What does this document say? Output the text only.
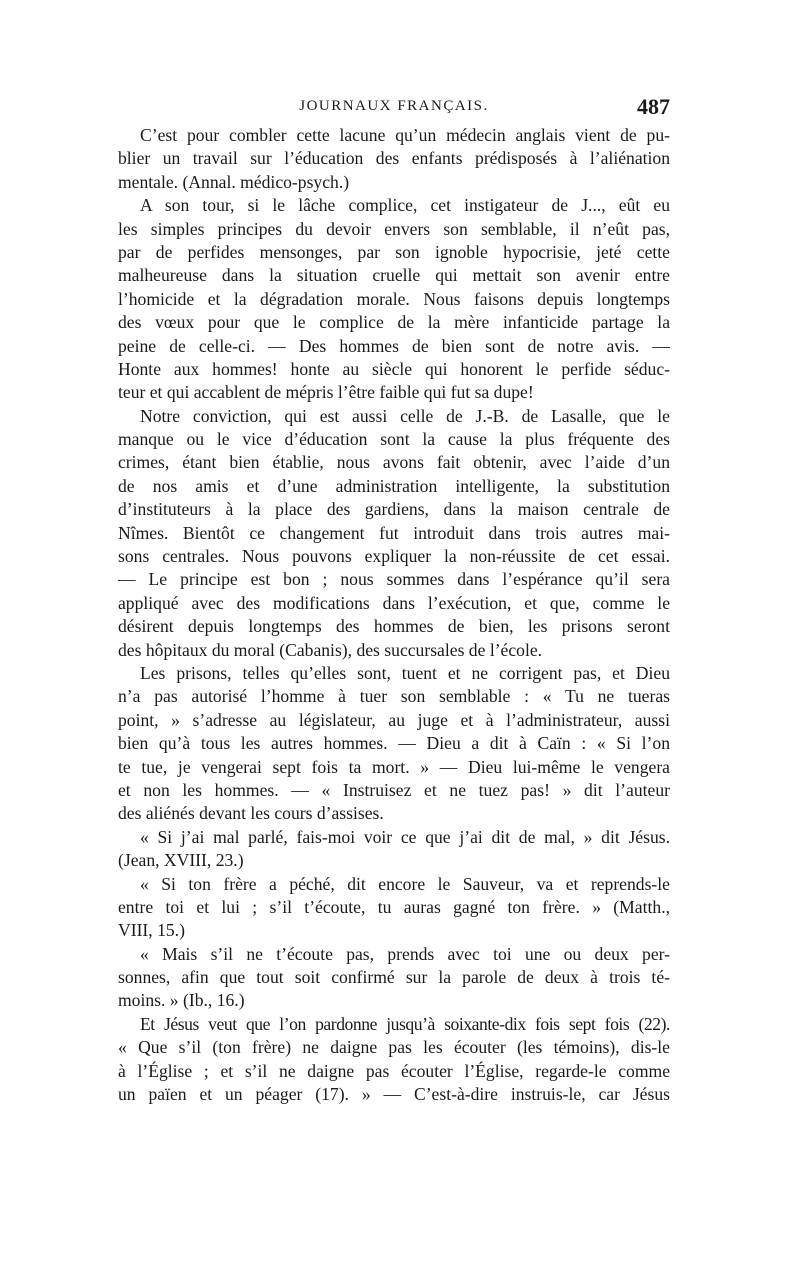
JOURNAUX FRANÇAIS.	487
C’est pour combler cette lacune qu’un médecin anglais vient de pu-
blier un travail sur l’éducation des enfants prédisposés à l’aliénation
mentale. (Annal. médico-psych.)
A son tour, si le lâche complice, cet instigateur de J..., eût eu
les simples principes du devoir envers son semblable, il n’eût pas,
par de perfides mensonges, par son ignoble hypocrisie, jeté cette
malheureuse dans la situation cruelle qui mettait son avenir entre
l’homicide et la dégradation morale. Nous faisons depuis longtemps
des vœux pour que le complice de la mère infanticide partage la
peine de celle-ci. — Des hommes de bien sont de notre avis. —
Honte aux hommes! honte au siècle qui honorent le perfide séduc-
teur et qui accablent de mépris l’être faible qui fut sa dupe!
Notre conviction, qui est aussi celle de J.-B. de Lasalle, que le
manque ou le vice d’éducation sont la cause la plus fréquente des
crimes, étant bien établie, nous avons fait obtenir, avec l’aide d’un
de nos amis et d’une administration intelligente, la substitution
d’instituteurs à la place des gardiens, dans la maison centrale de
Nîmes. Bientôt ce changement fut introduit dans trois autres mai-
sons centrales. Nous pouvons expliquer la non-réussite de cet essai.
— Le principe est bon ; nous sommes dans l’espérance qu’il sera
appliqué avec des modifications dans l’exécution, et que, comme le
désirent depuis longtemps des hommes de bien, les prisons seront
des hôpitaux du moral (Cabanis), des succursales de l’école.
Les prisons, telles qu’elles sont, tuent et ne corrigent pas, et Dieu
n’a pas autorisé l’homme à tuer son semblable : « Tu ne tueras
point, » s’adresse au législateur, au juge et à l’administrateur, aussi
bien qu’à tous les autres hommes. — Dieu a dit à Caïn : « Si l’on
te tue, je vengerai sept fois ta mort. » — Dieu lui-même le vengera
et non les hommes. — « Instruisez et ne tuez pas! » dit l’auteur
des aliénés devant les cours d’assises.
« Si j’ai mal parlé, fais-moi voir ce que j’ai dit de mal, » dit Jésus.
(Jean, XVIII, 23.)
« Si ton frère a péché, dit encore le Sauveur, va et reprends-le
entre toi et lui ; s’il t’écoute, tu auras gagné ton frère. » (Matth.,
VIII, 15.)
« Mais s’il ne t’écoute pas, prends avec toi une ou deux per-
sonnes, afin que tout soit confirmé sur la parole de deux à trois té-
moins. » (Ib., 16.)
Et Jésus veut que l’on pardonne jusqu’à soixante-dix fois sept fois (22).
« Que s’il (ton frère) ne daigne pas les écouter (les témoins), dis-le
à l’Église ; et s’il ne daigne pas écouter l’Église, regarde-le comme
un païen et un péager (17). » — C’est-à-dire instruis-le, car Jésus
